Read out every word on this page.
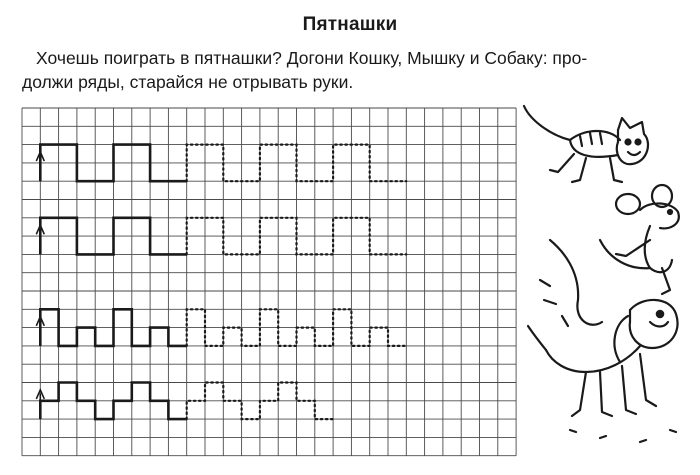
Пятнашки
Хочешь поиграть в пятнашки? Догони Кошку, Мышку и Собаку: про-
должи ряды, старайся не отрывать руки.
